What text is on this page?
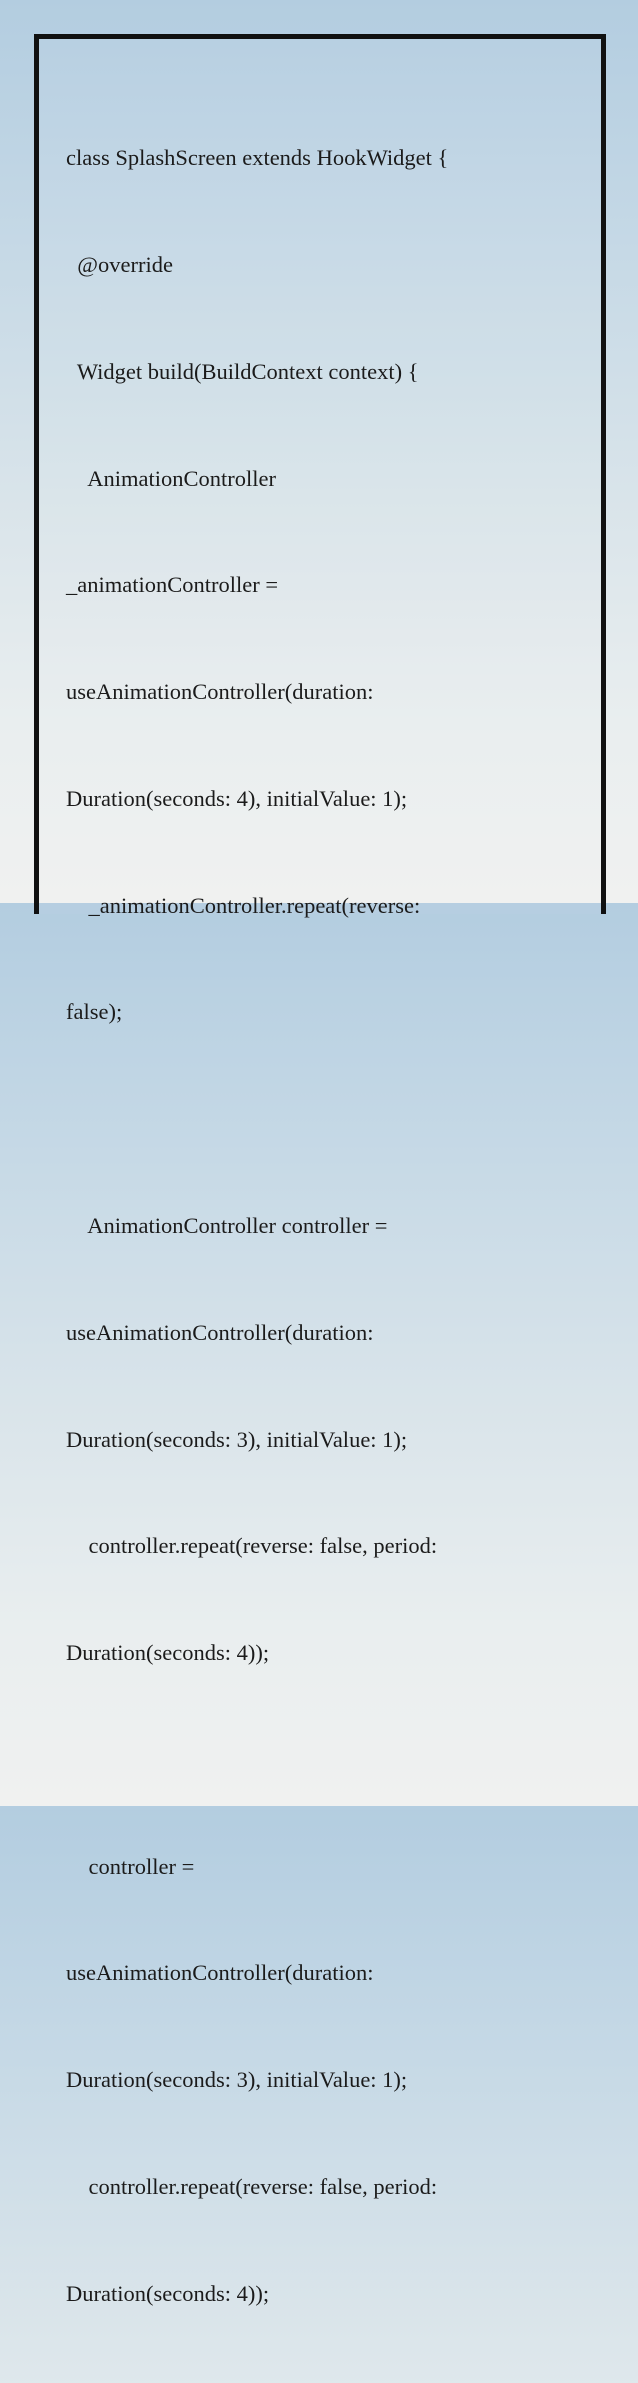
class SplashScreen extends HookWidget {

@override

Widget build(BuildContext context) {

AnimationController

_animationController =

useAnimationController(duration:

Duration(seconds: 4), initialValue: 1);

_animationController.repeat(reverse:

false);

AnimationController controller =

useAnimationController(duration:

Duration(seconds: 3), initialValue: 1);

controller.repeat(reverse: false, period:

Duration(seconds: 4));

controller =

useAnimationController(duration:

Duration(seconds: 3), initialValue: 1);

controller.repeat(reverse: false, period:

Duration(seconds: 4));
